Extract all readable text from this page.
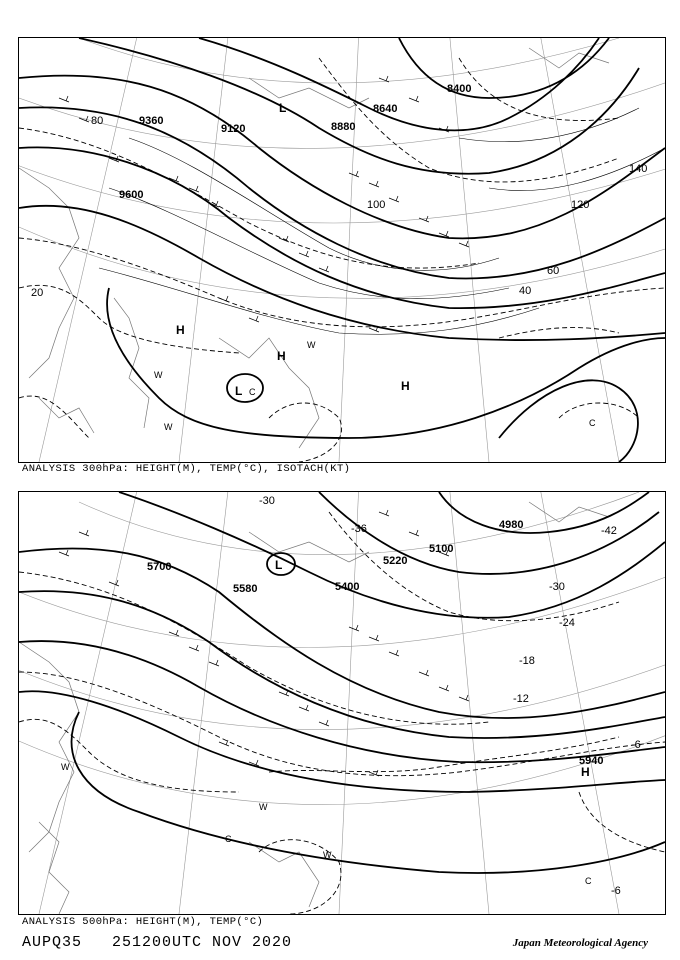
9360
9120	8880
8640
8400
9600
80
100	120
140
60
40
20
L
L
H
H
H
C
C
W
W
W
ANALYSIS 300hPa: HEIGHT(M), TEMP(°C), ISOTACH(KT)
5700
5580	5400
5220
5100
4980
5940
-30
-36
-30
-24
-18
-12
-6
-42
-6
L
H
C
C
W
W
W
ANALYSIS 500hPa: HEIGHT(M), TEMP(°C)
AUPQ35   251200UTC NOV 2020	Japan Meteorological Agency
